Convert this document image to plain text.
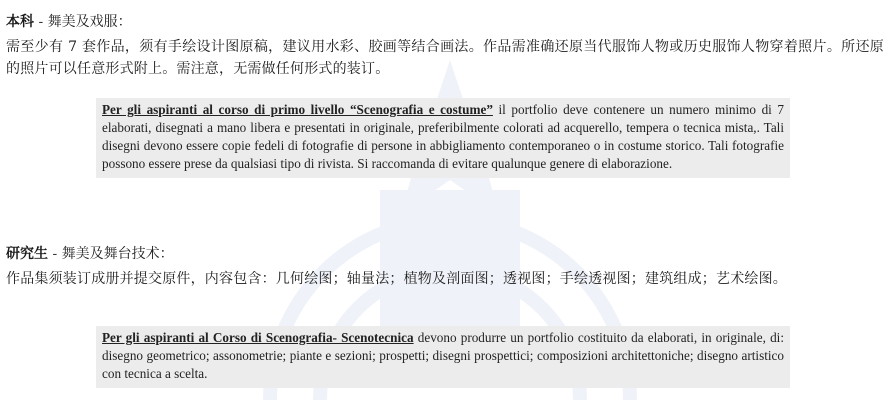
本科 - 舞美及戏服：

需至少有 7 套作品，须有手绘设计图原稿，建议用水彩、胶画等结合画法。作品需准确还原当代服饰人物或历史服饰人物穿着照片。所还原的照片可以任意形式附上。需注意，无需做任何形式的装订。

Per gli aspiranti al corso di primo livello “Scenografia e costume” il portfolio deve contenere un numero minimo di 7 elaborati, disegnati a mano libera e presentati in originale, preferibilmente colorati ad acquerello, tempera o tecnica mista,. Tali disegni devono essere copie fedeli di fotografie di persone in abbigliamento contemporaneo o in costume storico. Tali fotografie possono essere prese da qualsiasi tipo di rivista. Si raccomanda di evitare qualunque genere di elaborazione.

研究生 - 舞美及舞台技术：

作品集须装订成册并提交原件，内容包含：几何绘图；轴量法；植物及剖面图；透视图；手绘透视图；建筑组成；艺术绘图。

Per gli aspiranti al Corso di Scenografia- Scenotecnica devono produrre un portfolio costituito da elaborati, in originale, di: disegno geometrico; assonometrie; piante e sezioni; prospetti; disegni prospettici; composizioni architettoniche; disegno artistico con tecnica a scelta.
